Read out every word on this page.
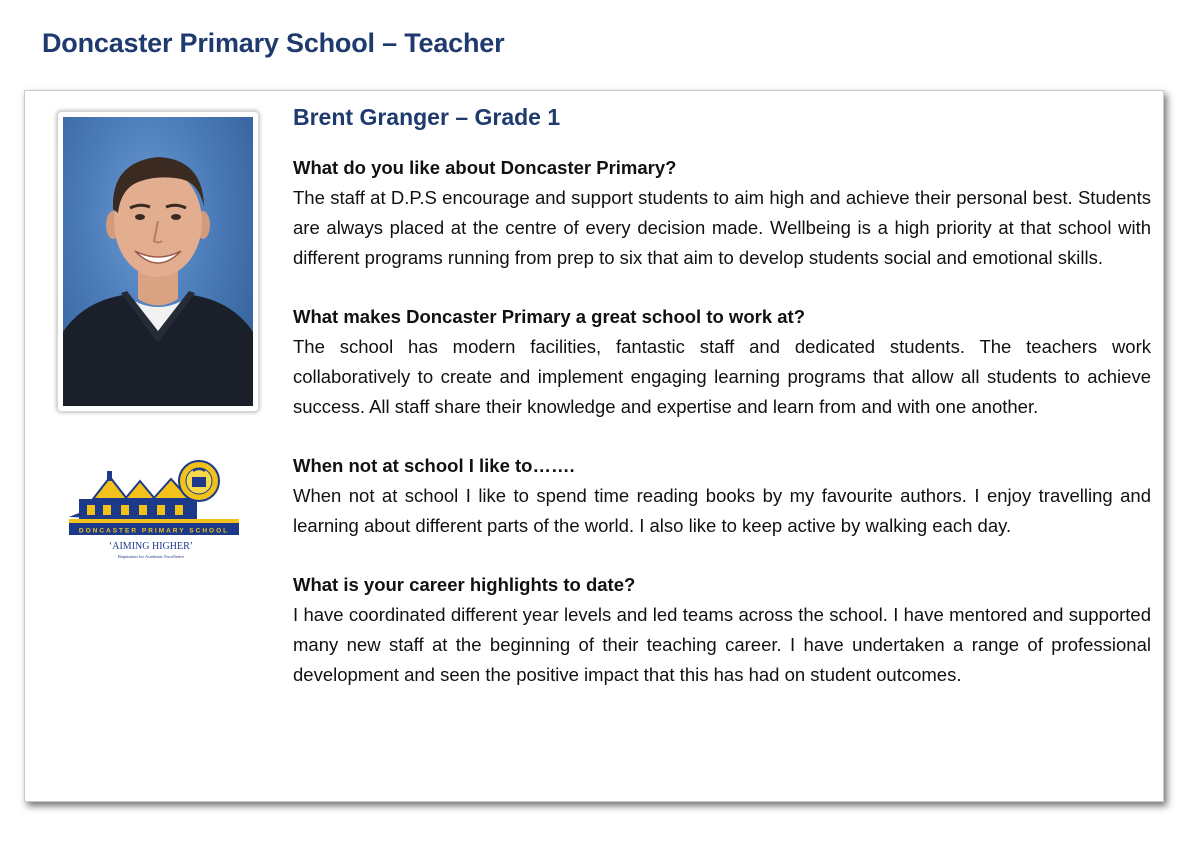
Doncaster Primary School – Teacher
DONCASTER PRIMARY SCHOOL
‘AIMING HIGHER’
Reputation for Academic Excellence
Brent Granger – Grade 1
What do you like about Doncaster Primary?
The staff at D.P.S encourage and support students to aim high and achieve their personal best. Students are always placed at the centre of every decision made. Wellbeing is a high priority at that school with different programs running from prep to six that aim to develop students social and emotional skills.
What makes Doncaster Primary a great school to work at?
The school has modern facilities, fantastic staff and dedicated students. The teachers work collaboratively to create and implement engaging learning programs that allow all students to achieve success. All staff share their knowledge and expertise and learn from and with one another.
When not at school I like to…….
When not at school I like to spend time reading books by my favourite authors. I enjoy travelling and learning about different parts of the world. I also like to keep active by walking each day.
What is your career highlights to date?
I have coordinated different year levels and led teams across the school. I have mentored and supported many new staff at the beginning of their teaching career. I have undertaken a range of professional development and seen the positive impact that this has had on student outcomes.
